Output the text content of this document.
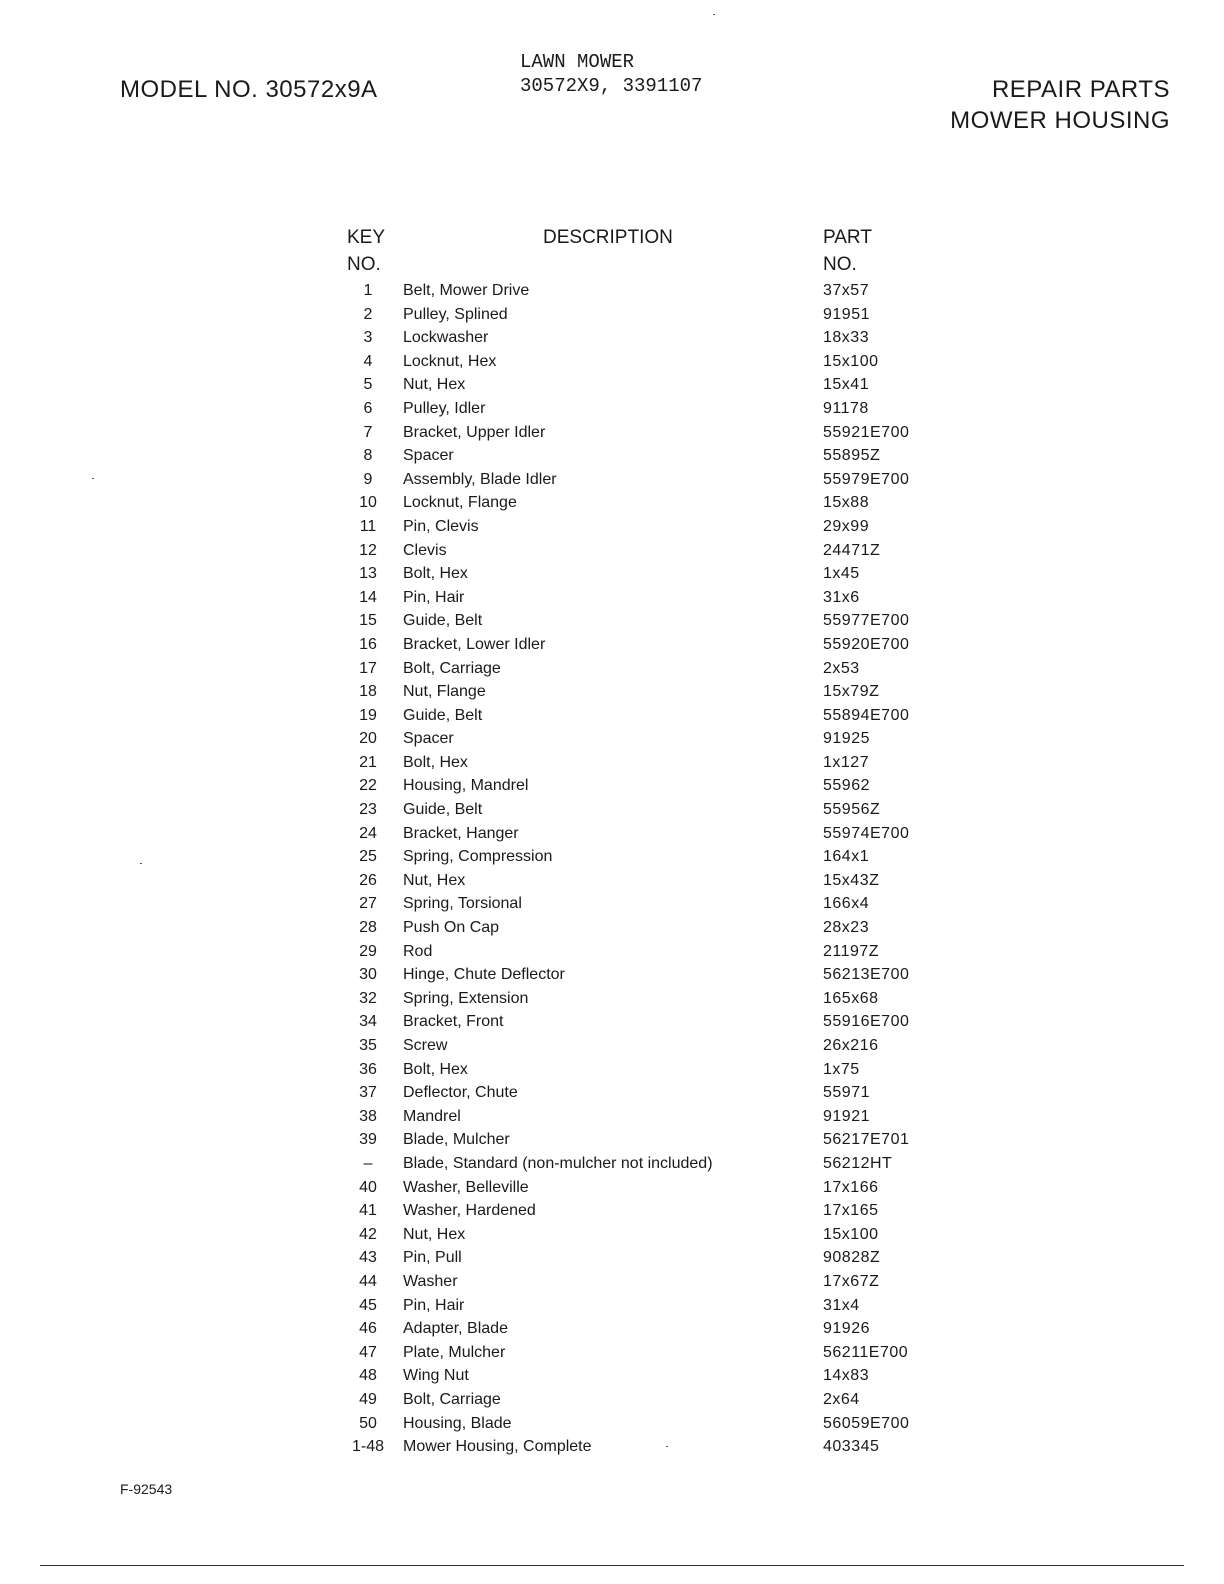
MODEL NO. 30572x9A
LAWN MOWER
30572X9, 3391107	REPAIR PARTS
MOWER HOUSING
KEY
NO.
DESCRIPTION	PART
NO.
1	Belt, Mower Drive	37x57
2	Pulley, Splined	91951
3	Lockwasher	18x33
4	Locknut, Hex	15x100
5	Nut, Hex	15x41
6	Pulley, Idler	91178
7	Bracket, Upper Idler	55921E700
8	Spacer	55895Z
9	Assembly, Blade Idler	55979E700
10	Locknut, Flange	15x88
11	Pin, Clevis	29x99
12	Clevis	24471Z
13	Bolt, Hex	1x45
14	Pin, Hair	31x6
15	Guide, Belt	55977E700
16	Bracket, Lower Idler	55920E700
17	Bolt, Carriage	2x53
18	Nut, Flange	15x79Z
19	Guide, Belt	55894E700
20	Spacer	91925
21	Bolt, Hex	1x127
22	Housing, Mandrel	55962
23	Guide, Belt	55956Z
24	Bracket, Hanger	55974E700
25	Spring, Compression	164x1
26	Nut, Hex	15x43Z
27	Spring, Torsional	166x4
28	Push On Cap	28x23
29	Rod	21197Z
30	Hinge, Chute Deflector	56213E700
32	Spring, Extension	165x68
34	Bracket, Front	55916E700
35	Screw	26x216
36	Bolt, Hex	1x75
37	Deflector, Chute	55971
38	Mandrel	91921
39	Blade, Mulcher	56217E701
–	Blade, Standard (non-mulcher not included)	56212HT
40	Washer, Belleville	17x166
41	Washer, Hardened	17x165
42	Nut, Hex	15x100
43	Pin, Pull	90828Z
44	Washer	17x67Z
45	Pin, Hair	31x4
46	Adapter, Blade	91926
47	Plate, Mulcher	56211E700
48	Wing Nut	14x83
49	Bolt, Carriage	2x64
50	Housing, Blade	56059E700
1-48	Mower Housing, Complete	403345
F-92543
